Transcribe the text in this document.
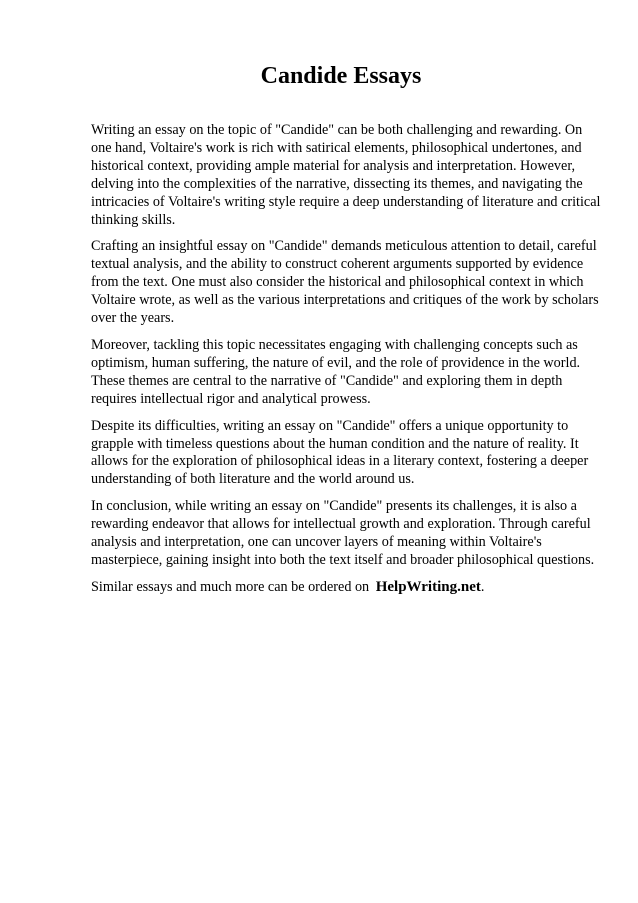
Candide Essays

Writing an essay on the topic of "Candide" can be both challenging and rewarding. On one hand, Voltaire's work is rich with satirical elements, philosophical undertones, and historical context, providing ample material for analysis and interpretation. However, delving into the complexities of the narrative, dissecting its themes, and navigating the intricacies of Voltaire's writing style require a deep understanding of literature and critical thinking skills.

Crafting an insightful essay on "Candide" demands meticulous attention to detail, careful textual analysis, and the ability to construct coherent arguments supported by evidence from the text. One must also consider the historical and philosophical context in which Voltaire wrote, as well as the various interpretations and critiques of the work by scholars over the years.

Moreover, tackling this topic necessitates engaging with challenging concepts such as optimism, human suffering, the nature of evil, and the role of providence in the world. These themes are central to the narrative of "Candide" and exploring them in depth requires intellectual rigor and analytical prowess.

Despite its difficulties, writing an essay on "Candide" offers a unique opportunity to grapple with timeless questions about the human condition and the nature of reality. It allows for the exploration of philosophical ideas in a literary context, fostering a deeper understanding of both literature and the world around us.

In conclusion, while writing an essay on "Candide" presents its challenges, it is also a rewarding endeavor that allows for intellectual growth and exploration. Through careful analysis and interpretation, one can uncover layers of meaning within Voltaire's masterpiece, gaining insight into both the text itself and broader philosophical questions.

Similar essays and much more can be ordered on HelpWriting.net.
